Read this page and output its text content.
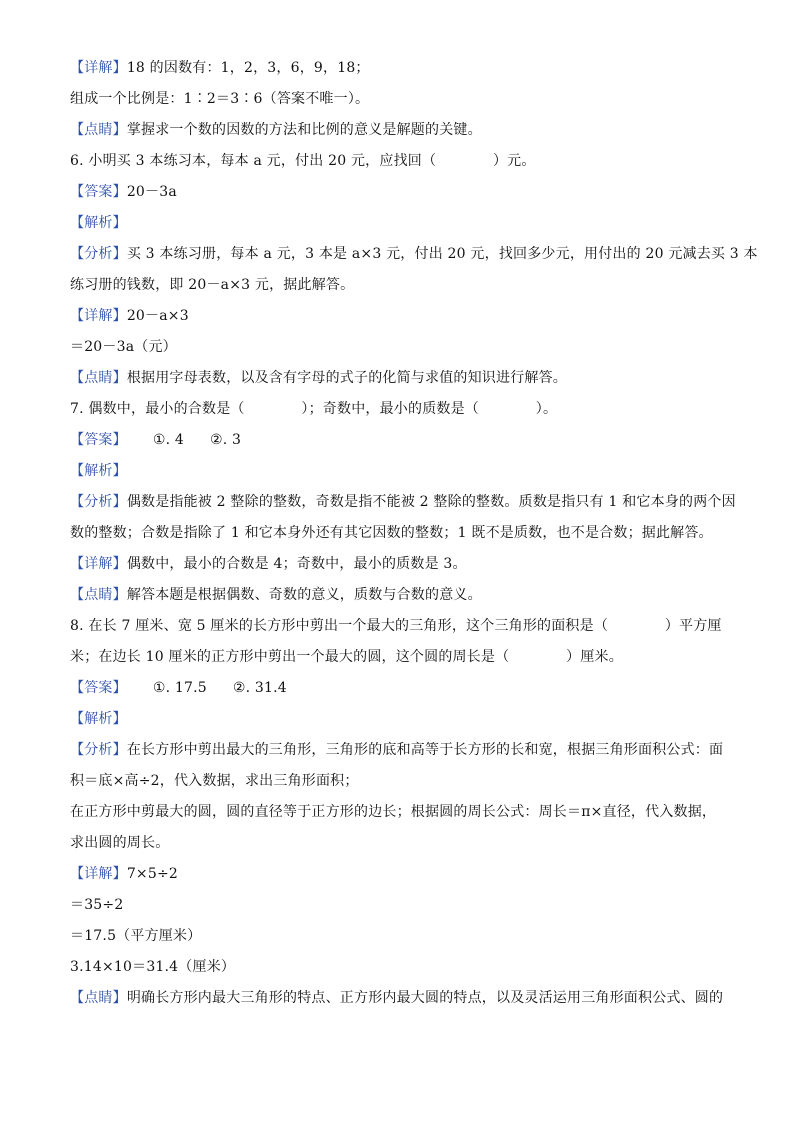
【详解】18 的因数有：1，2，3，6，9，18；
组成一个比例是：1∶2＝3∶6（答案不唯一）。
【点睛】掌握求一个数的因数的方法和比例的意义是解题的关键。
6. 小明买 3 本练习本，每本 a 元，付出 20 元，应找回（　　　　）元。
【答案】20－3a
【解析】
【分析】买 3 本练习册，每本 a 元，3 本是 a×3 元，付出 20 元，找回多少元，用付出的 20 元减去买 3 本
练习册的钱数，即 20－a×3 元，据此解答。
【详解】20－a×3
＝20－3a（元）
【点睛】根据用字母表数，以及含有字母的式子的化简与求值的知识进行解答。
7. 偶数中，最小的合数是（　　　　）；奇数中，最小的质数是（　　　　）。
【答案】 ①. 4 ②. 3
【解析】
【分析】偶数是指能被 2 整除的整数，奇数是指不能被 2 整除的整数。质数是指只有 1 和它本身的两个因
数的整数；合数是指除了 1 和它本身外还有其它因数的整数；1 既不是质数，也不是合数；据此解答。
【详解】偶数中，最小的合数是 4；奇数中，最小的质数是 3。
【点睛】解答本题是根据偶数、奇数的意义，质数与合数的意义。
8. 在长 7 厘米、宽 5 厘米的长方形中剪出一个最大的三角形，这个三角形的面积是（　　　　）平方厘
米；在边长 10 厘米的正方形中剪出一个最大的圆，这个圆的周长是（　　　　）厘米。
【答案】 ①. 17.5 ②. 31.4
【解析】
【分析】在长方形中剪出最大的三角形，三角形的底和高等于长方形的长和宽，根据三角形面积公式：面
积＝底×高÷2，代入数据，求出三角形面积；
在正方形中剪最大的圆，圆的直径等于正方形的边长；根据圆的周长公式：周长＝π×直径，代入数据，
求出圆的周长。
【详解】7×5÷2
＝35÷2
＝17.5（平方厘米）
3.14×10＝31.4（厘米）
【点睛】明确长方形内最大三角形的特点、正方形内最大圆的特点，以及灵活运用三角形面积公式、圆的
